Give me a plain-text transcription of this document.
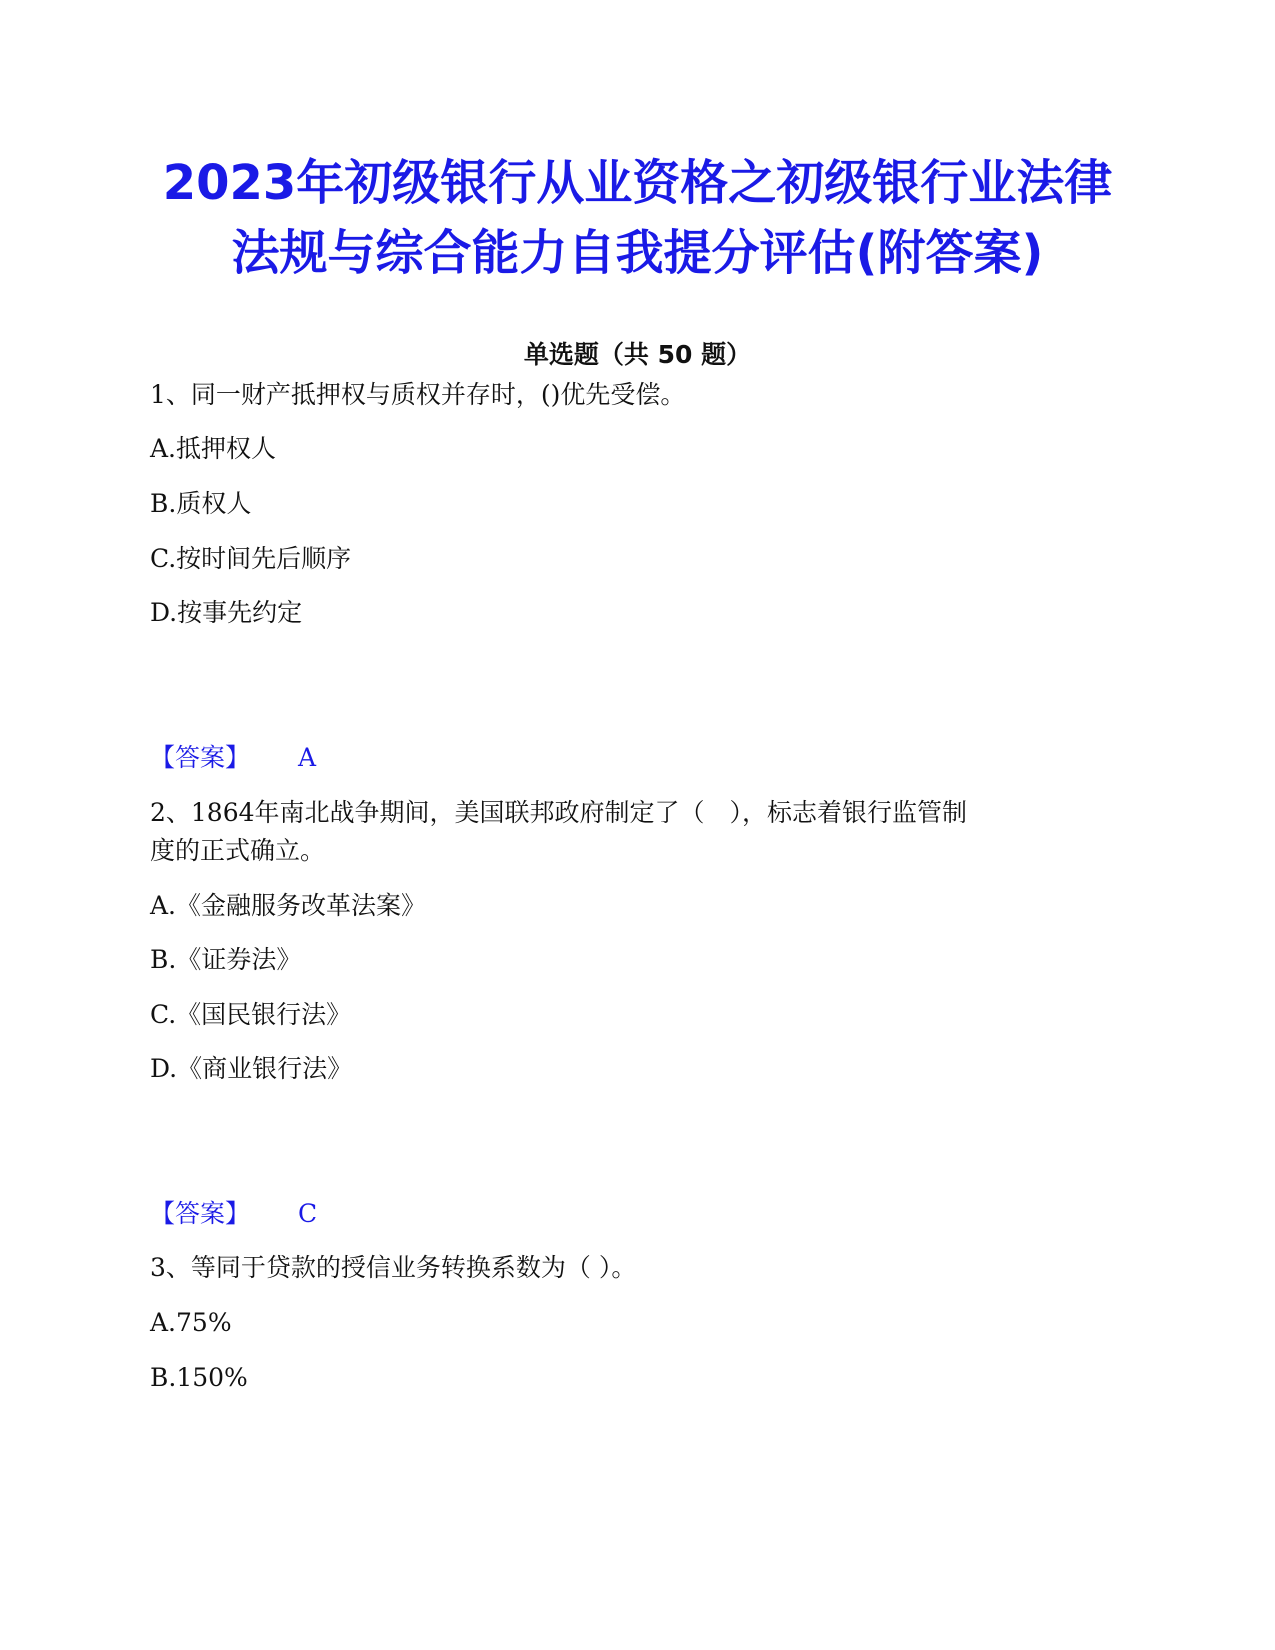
2023年初级银行从业资格之初级银行业法律
法规与综合能力自我提分评估(附答案)
单选题（共 50 题）
1、同一财产抵押权与质权并存时，()优先受偿。
A.抵押权人
B.质权人
C.按时间先后顺序
D.按事先约定
【答案】 A
2、1864年南北战争期间，美国联邦政府制定了（　），标志着银行监管制
度的正式确立。
A.《金融服务改革法案》
B.《证券法》
C.《国民银行法》
D.《商业银行法》
【答案】 C
3、等同于贷款的授信业务转换系数为（ ）。
A.75%
B.150%
